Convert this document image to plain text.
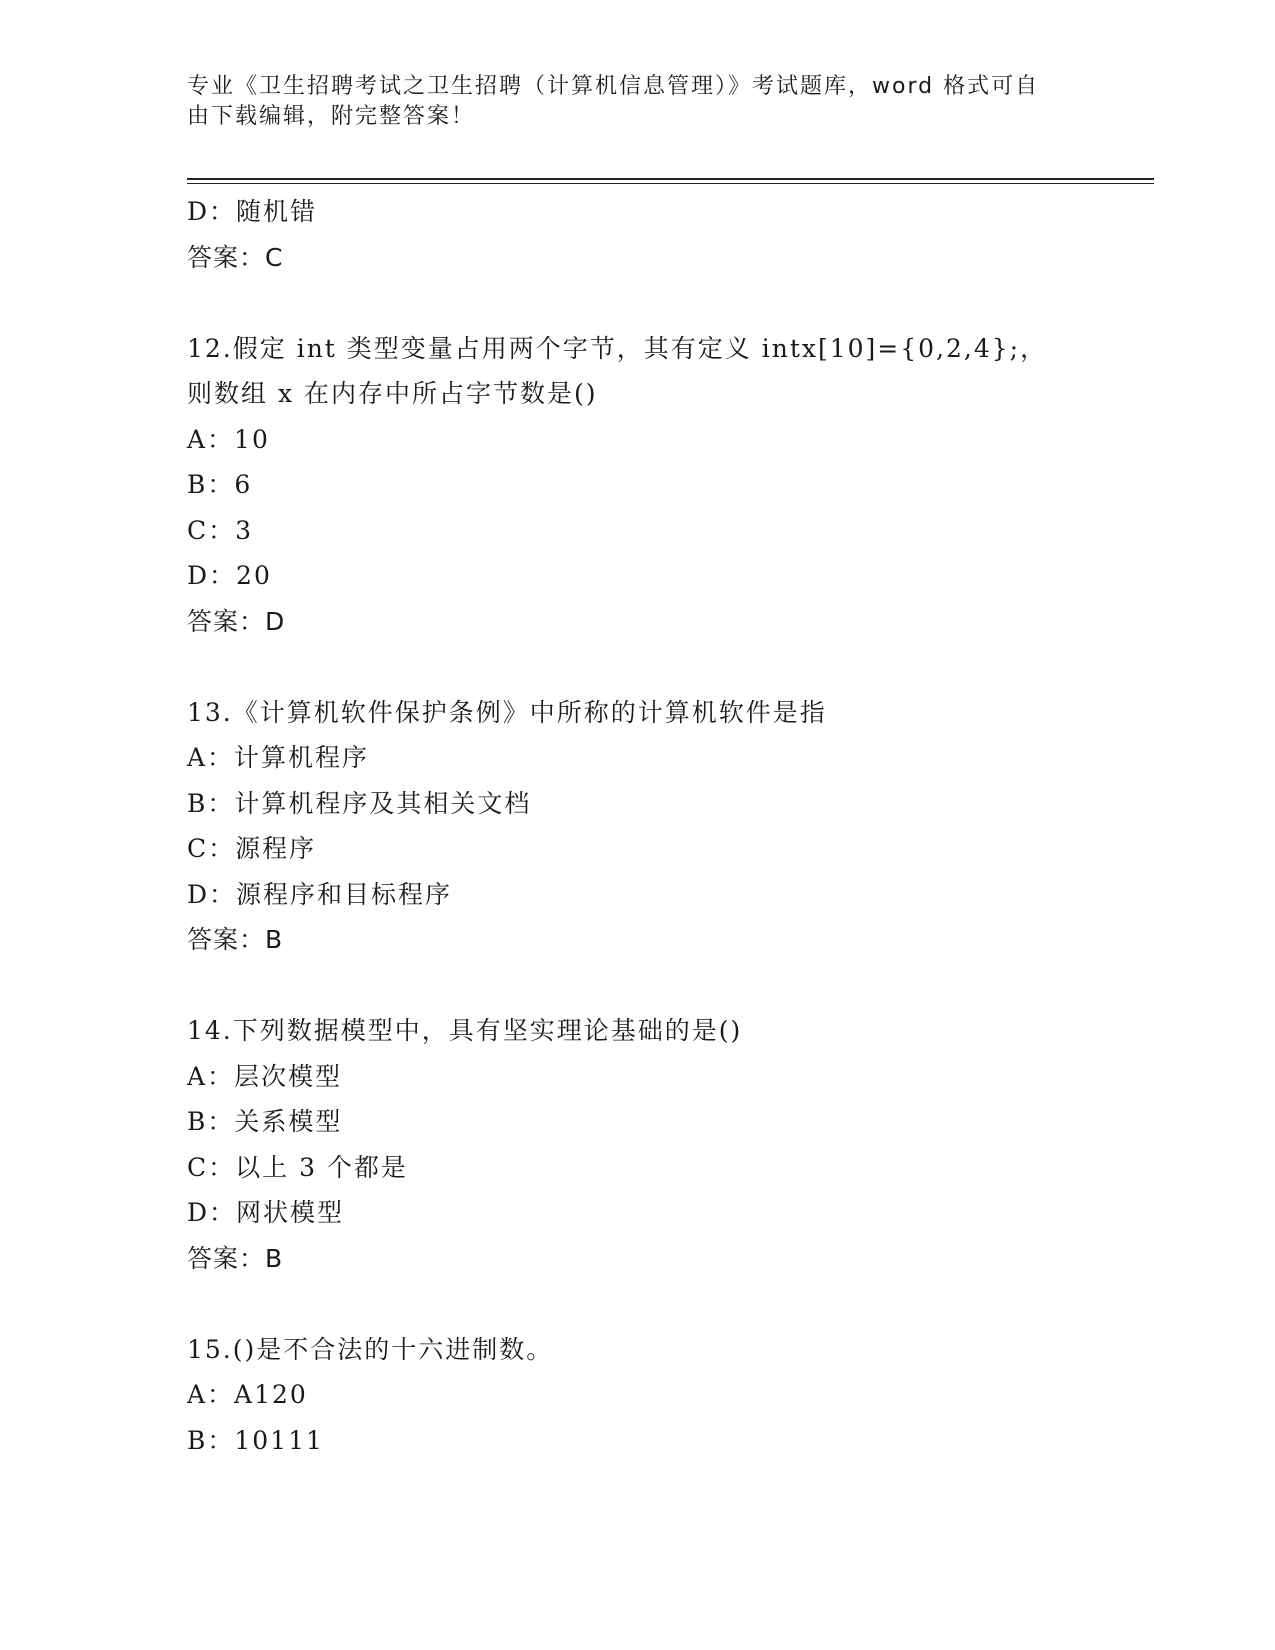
专业《卫生招聘考试之卫生招聘（计算机信息管理）》考试题库，word 格式可自
由下载编辑，附完整答案！
D：随机错
答案：C
12.假定 int 类型变量占用两个字节，其有定义 intx[10]={0,2,4};，
则数组 x 在内存中所占字节数是()
A：10
B：6
C：3
D：20
答案：D
13.《计算机软件保护条例》中所称的计算机软件是指
A：计算机程序
B：计算机程序及其相关文档
C：源程序
D：源程序和目标程序
答案：B
14.下列数据模型中，具有坚实理论基础的是()
A：层次模型
B：关系模型
C：以上 3 个都是
D：网状模型
答案：B
15.()是不合法的十六进制数。
A：A120
B：10111
